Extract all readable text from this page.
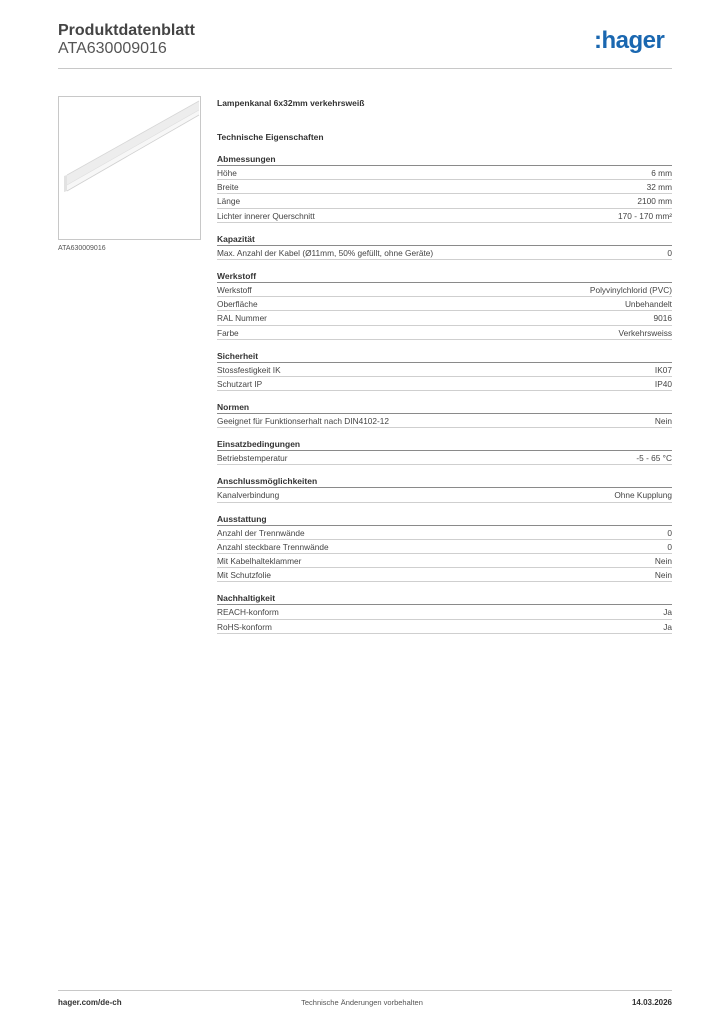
Produktdatenblatt
ATA630009016	:hager
ATA630009016
Lampenkanal 6x32mm verkehrsweiß
Technische Eigenschaften
Abmessungen
Höhe	6 mm
Breite	32 mm
Länge	2100 mm
Lichter innerer Querschnitt	170 - 170 mm²
Kapazität
Max. Anzahl der Kabel (Ø11mm, 50% gefüllt, ohne Geräte)	0
Werkstoff
Werkstoff	Polyvinylchlorid (PVC)
Oberfläche	Unbehandelt
RAL Nummer	9016
Farbe	Verkehrsweiss
Sicherheit
Stossfestigkeit IK	IK07
Schutzart IP	IP40
Normen
Geeignet für Funktionserhalt nach DIN4102-12	Nein
Einsatzbedingungen
Betriebstemperatur	-5 - 65 °C
Anschlussmöglichkeiten
Kanalverbindung	Ohne Kupplung
Ausstattung
Anzahl der Trennwände	0
Anzahl steckbare Trennwände	0
Mit Kabelhalteklammer	Nein
Mit Schutzfolie	Nein
Nachhaltigkeit
REACH-konform	Ja
RoHS-konform	Ja
hager.com/de-ch	Technische Änderungen vorbehalten	14.03.2026
